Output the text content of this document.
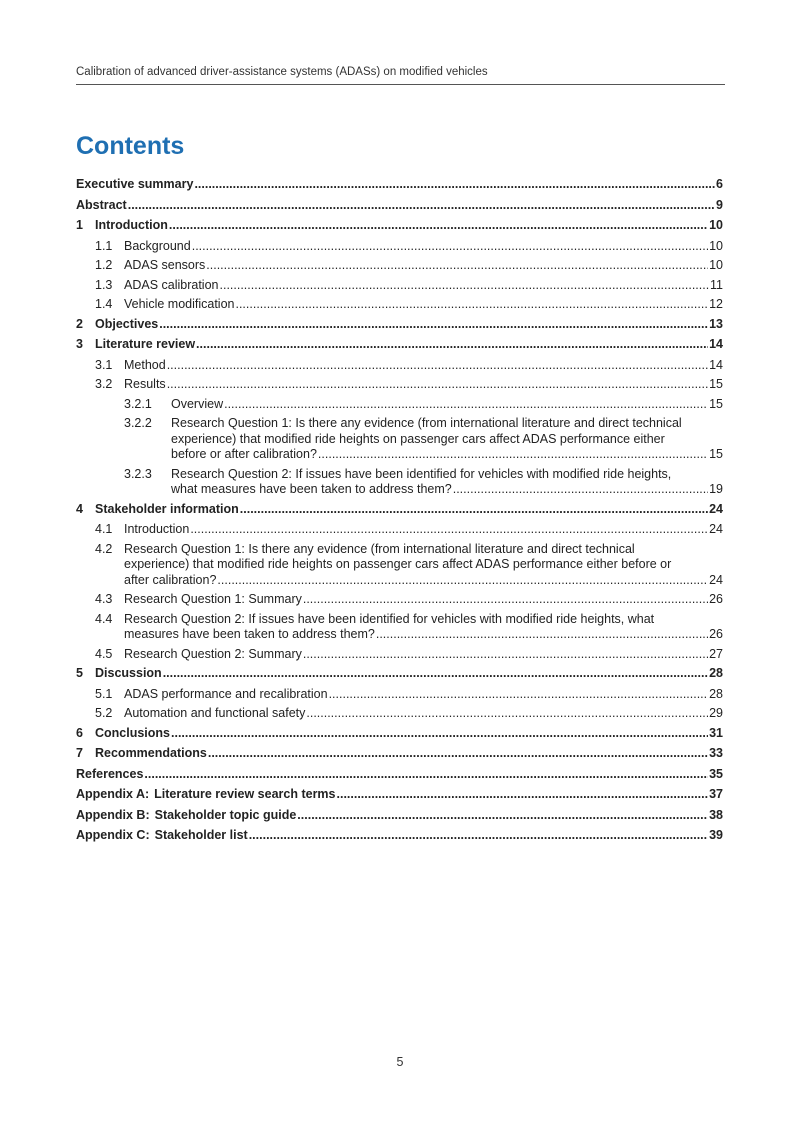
Calibration of advanced driver-assistance systems (ADASs) on modified vehicles
Contents
Executive summary .....	6
Abstract .....	9
1 Introduction .....	10
1.1 Background .....	10
1.2 ADAS sensors .....	10
1.3 ADAS calibration .....	11
1.4 Vehicle modification .....	12
2 Objectives .....	13
3 Literature review .....	14
3.1 Method .....	14
3.2 Results .....	15
3.2.1	Overview .....	15
3.2.2	Research Question 1: Is there any evidence (from international literature and direct technical
experience) that modified ride heights on passenger cars affect ADAS performance either
before or after calibration? .....	15
3.2.3	Research Question 2: If issues have been identified for vehicles with modified ride heights,
what measures have been taken to address them? .....	19
4 Stakeholder information .....	24
4.1 Introduction .....	24
4.2 Research Question 1: Is there any evidence (from international literature and direct technical
experience) that modified ride heights on passenger cars affect ADAS performance either before or
after calibration? .....	24
4.3 Research Question 1: Summary .....	26
4.4 Research Question 2: If issues have been identified for vehicles with modified ride heights, what
measures have been taken to address them? .....	26
4.5 Research Question 2: Summary .....	27
5 Discussion .....	28
5.1 ADAS performance and recalibration .....	28
5.2 Automation and functional safety .....	29
6 Conclusions .....	31
7 Recommendations .....	33
References .....	35
Appendix A: Literature review search terms .....	37
Appendix B: Stakeholder topic guide .....	38
Appendix C: Stakeholder list .....	39
5
